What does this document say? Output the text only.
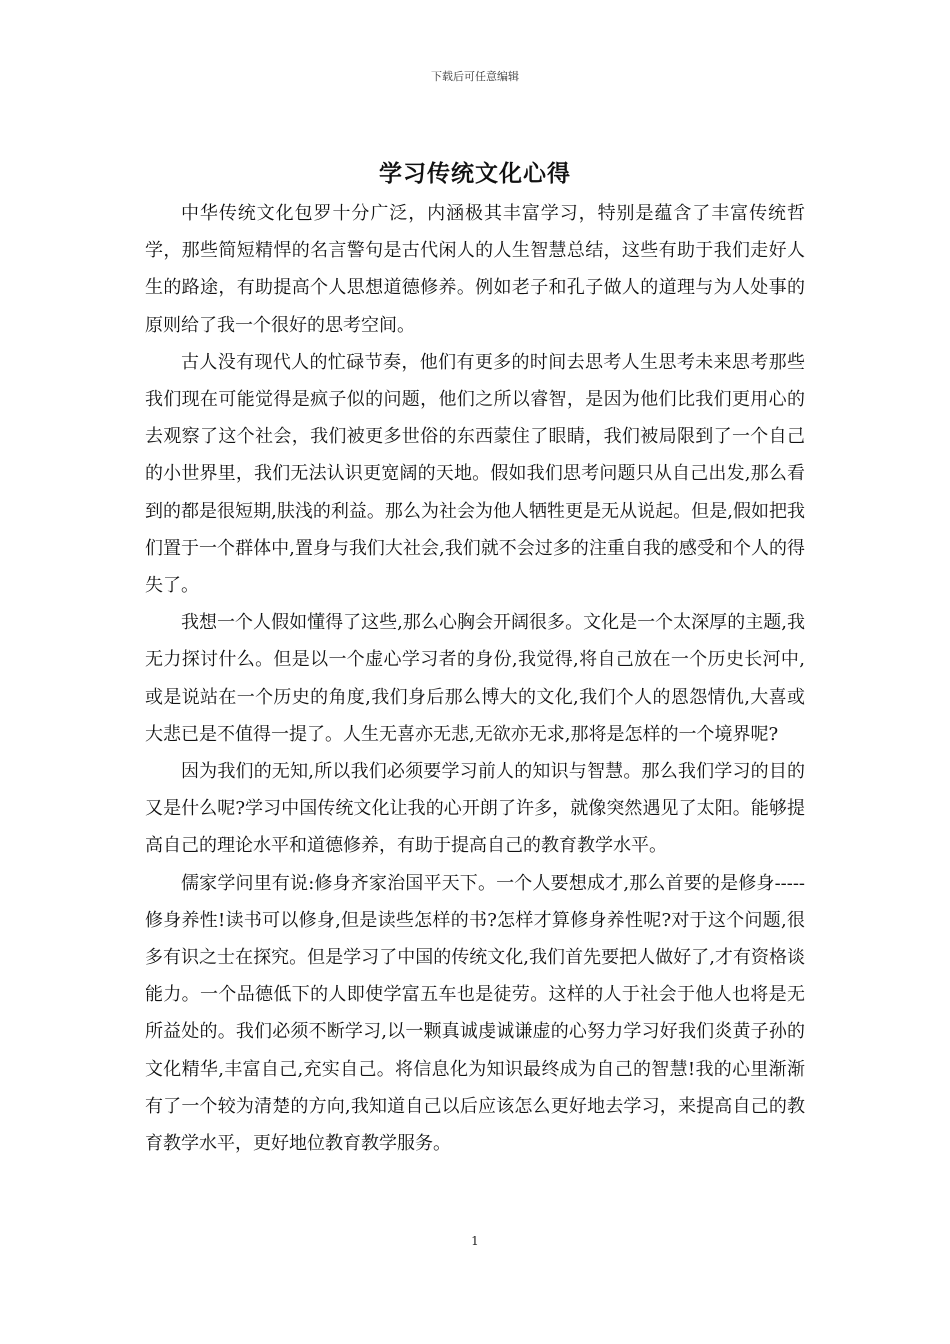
下载后可任意编辑
学习传统文化心得

中华传统文化包罗十分广泛，内涵极其丰富学习，特别是蕴含了丰富传统哲学，那些简短精悍的名言警句是古代闲人的人生智慧总结，这些有助于我们走好人生的路途，有助提高个人思想道德修养。例如老子和孔子做人的道理与为人处事的原则给了我一个很好的思考空间。

古人没有现代人的忙碌节奏，他们有更多的时间去思考人生思考未来思考那些我们现在可能觉得是疯子似的问题，他们之所以睿智，是因为他们比我们更用心的去观察了这个社会，我们被更多世俗的东西蒙住了眼睛，我们被局限到了一个自己的小世界里，我们无法认识更宽阔的天地。假如我们思考问题只从自己出发,那么看到的都是很短期,肤浅的利益。那么为社会为他人牺牲更是无从说起。但是,假如把我们置于一个群体中,置身与我们大社会,我们就不会过多的注重自我的感受和个人的得失了。

我想一个人假如懂得了这些,那么心胸会开阔很多。文化是一个太深厚的主题,我无力探讨什么。但是以一个虚心学习者的身份,我觉得,将自己放在一个历史长河中,或是说站在一个历史的角度,我们身后那么博大的文化,我们个人的恩怨情仇,大喜或大悲已是不值得一提了。人生无喜亦无悲,无欲亦无求,那将是怎样的一个境界呢?

因为我们的无知,所以我们必须要学习前人的知识与智慧。那么我们学习的目的又是什么呢?学习中国传统文化让我的心开朗了许多，就像突然遇见了太阳。能够提高自己的理论水平和道德修养，有助于提高自己的教育教学水平。

儒家学问里有说:修身齐家治国平天下。一个人要想成才,那么首要的是修身-----修身养性!读书可以修身,但是读些怎样的书?怎样才算修身养性呢?对于这个问题,很多有识之士在探究。但是学习了中国的传统文化,我们首先要把人做好了,才有资格谈能力。一个品德低下的人即使学富五车也是徒劳。这样的人于社会于他人也将是无所益处的。我们必须不断学习,以一颗真诚虔诚谦虚的心努力学习好我们炎黄子孙的文化精华,丰富自己,充实自己。将信息化为知识最终成为自己的智慧!我的心里渐渐有了一个较为清楚的方向,我知道自己以后应该怎么更好地去学习，来提高自己的教育教学水平，更好地位教育教学服务。

1
